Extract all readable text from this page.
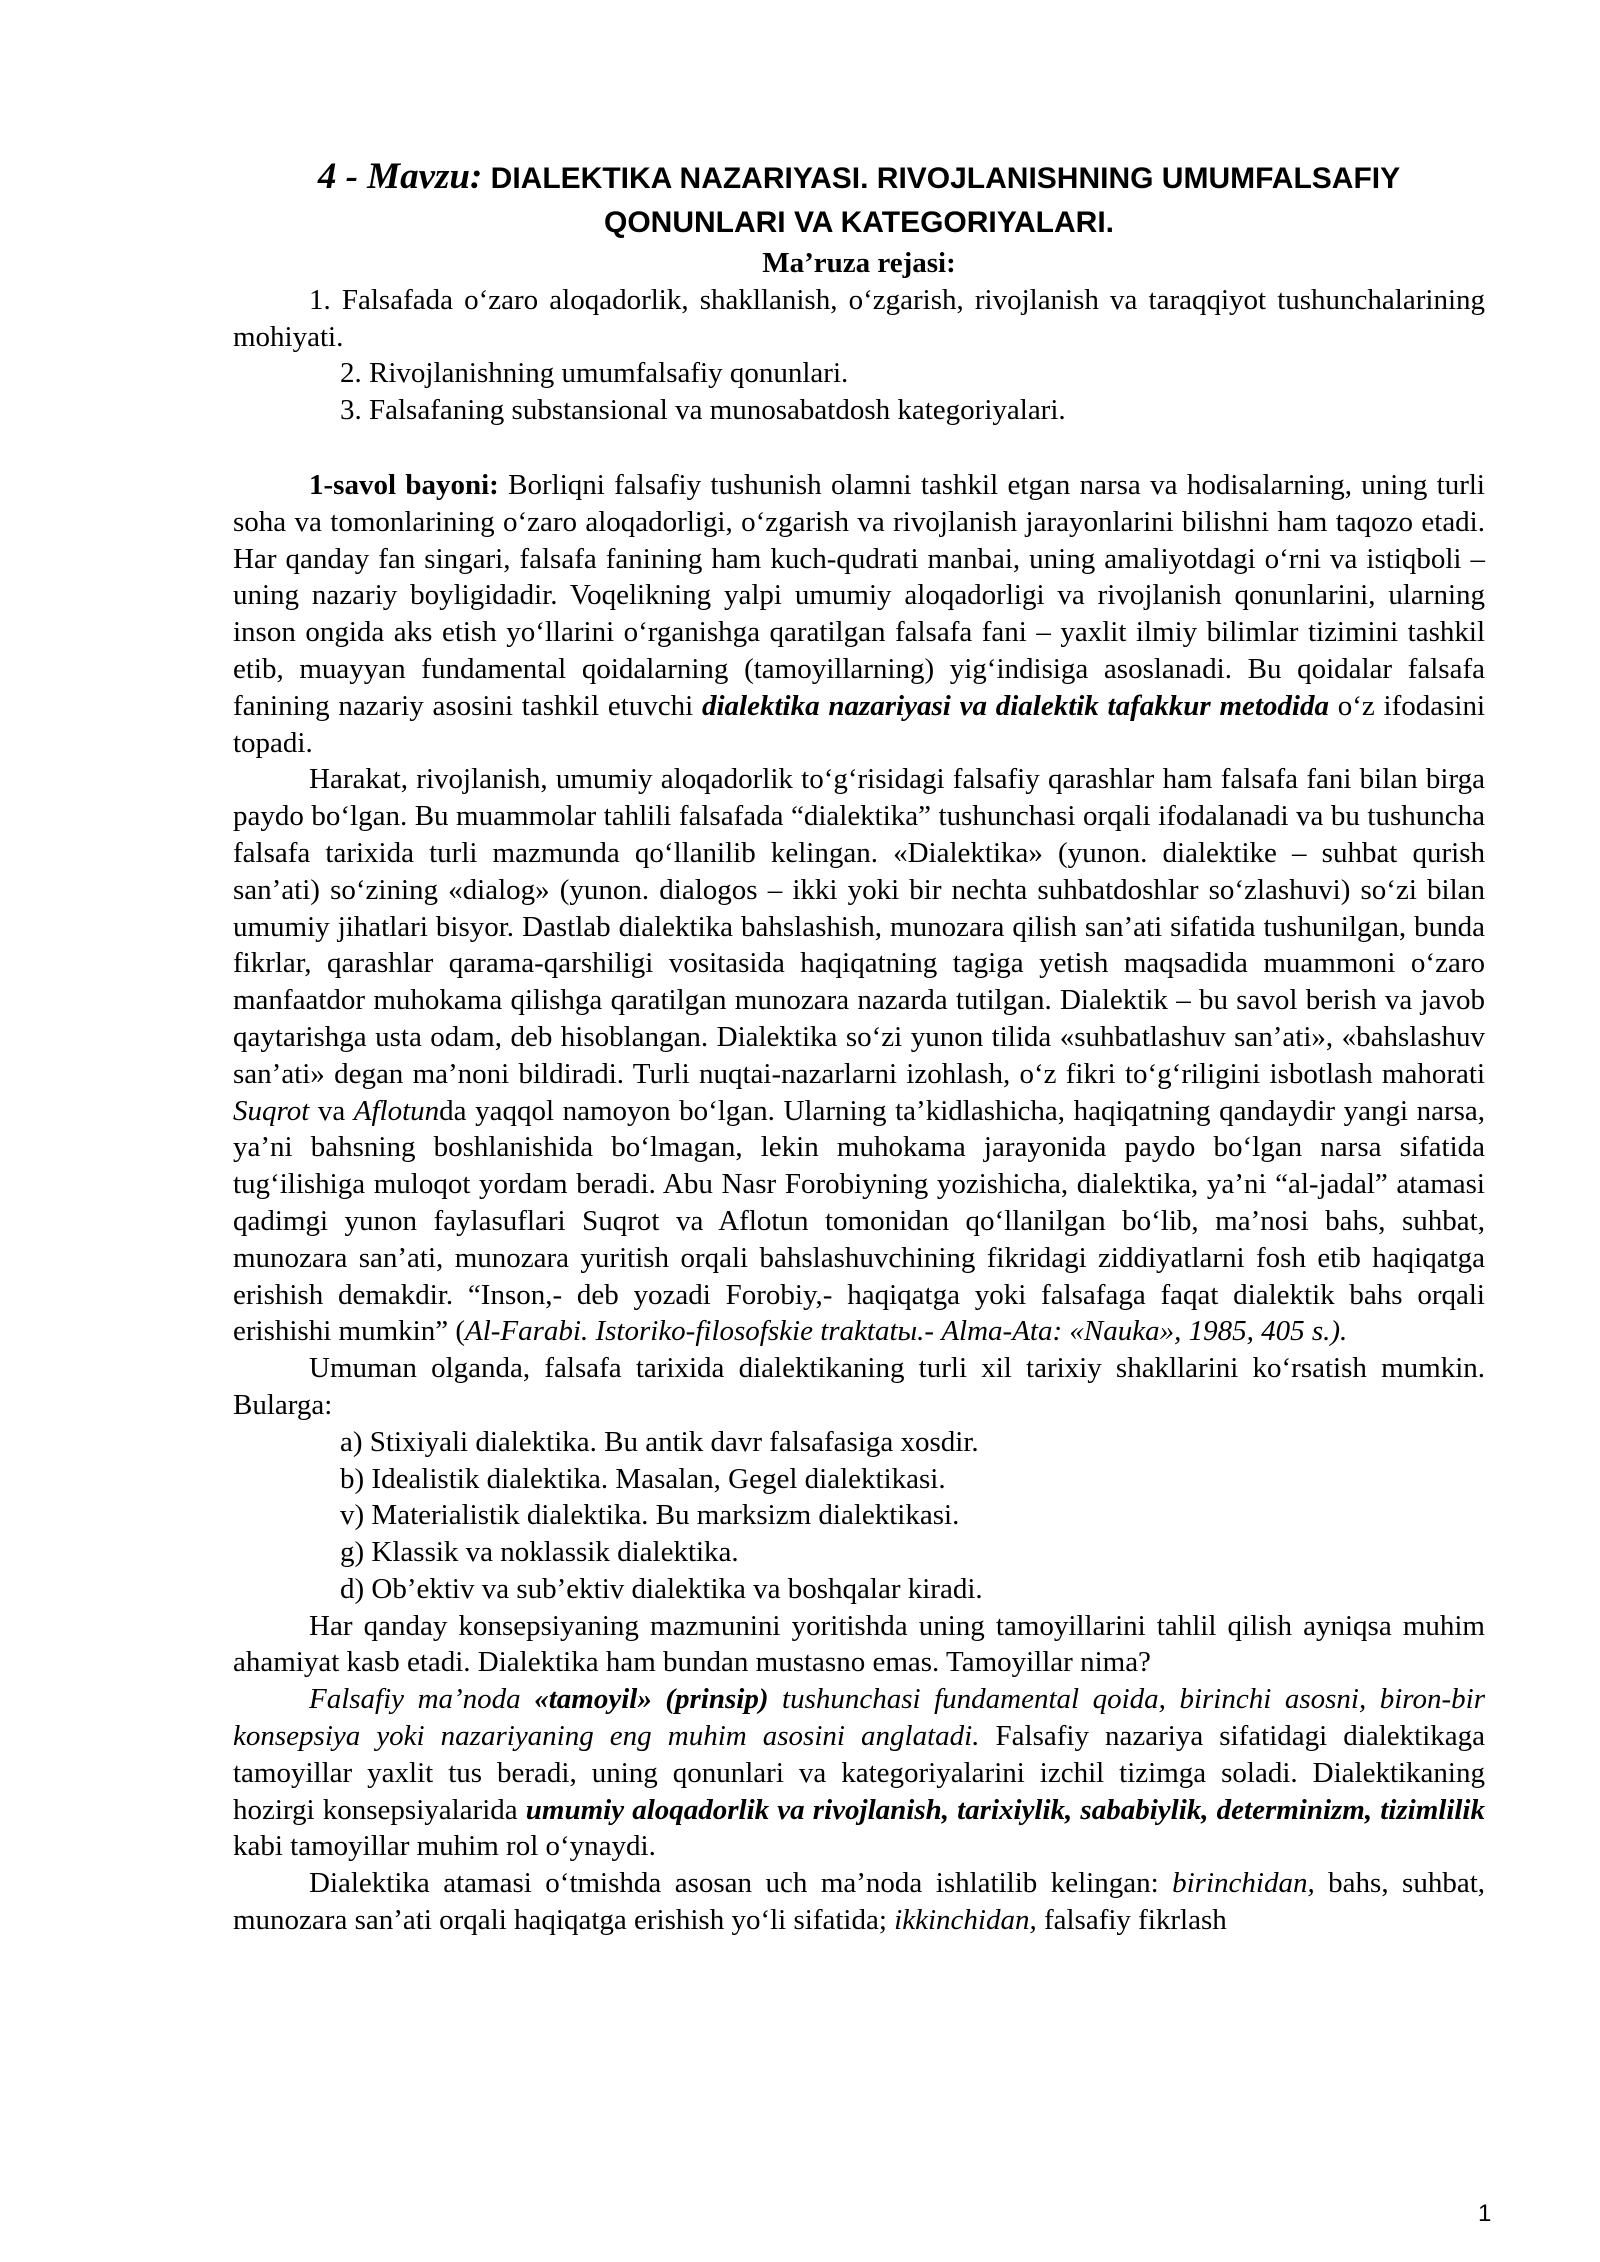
4 - Mavzu: DIALEKTIKA NAZARIYASI. RIVOJLANISHNING UMUMFALSAFIY
QONUNLARI VA KATEGORIYALARI.
Ma’ruza rejasi:

1. Falsafada o‘zaro aloqadorlik, shakllanish, o‘zgarish, rivojlanish va taraqqiyot tushunchalarining mohiyati.

2. Rivojlanishning umumfalsafiy qonunlari.

3. Falsafaning substansional va munosabatdosh kategoriyalari.

1-savol bayoni: Borliqni falsafiy tushunish olamni tashkil etgan narsa va hodisalarning, uning turli soha va tomonlarining o‘zaro aloqadorligi, o‘zgarish va rivojlanish jarayonlarini bilishni ham taqozo etadi. Har qanday fan singari, falsafa fanining ham kuch-qudrati manbai, uning amaliyotdagi o‘rni va istiqboli – uning nazariy boyligidadir. Voqelikning yalpi umumiy aloqadorligi va rivojlanish qonunlarini, ularning inson ongida aks etish yo‘llarini o‘rganishga qaratilgan falsafa fani – yaxlit ilmiy bilimlar tizimini tashkil etib, muayyan fundamental qoidalarning (tamoyillarning) yig‘indisiga asoslanadi. Bu qoidalar falsafa fanining nazariy asosini tashkil etuvchi dialektika nazariyasi va dialektik tafakkur metodida o‘z ifodasini topadi.

Harakat, rivojlanish, umumiy aloqadorlik to‘g‘risidagi falsafiy qarashlar ham falsafa fani bilan birga paydo bo‘lgan. Bu muammolar tahlili falsafada “dialektika” tushunchasi orqali ifodalanadi va bu tushuncha falsafa tarixida turli mazmunda qo‘llanilib kelingan. «Dialektika» (yunon. dialektike – suhbat qurish san’ati) so‘zining «dialog» (yunon. dialogos – ikki yoki bir nechta suhbatdoshlar so‘zlashuvi) so‘zi bilan umumiy jihatlari bisyor. Dastlab dialektika bahslashish, munozara qilish san’ati sifatida tushunilgan, bunda fikrlar, qarashlar qarama-qarshiligi vositasida haqiqatning tagiga yetish maqsadida muammoni o‘zaro manfaatdor muhokama qilishga qaratilgan munozara nazarda tutilgan. Dialektik – bu savol berish va javob qaytarishga usta odam, deb hisoblangan. Dialektika so‘zi yunon tilida «suhbatlashuv san’ati», «bahslashuv san’ati» degan ma’noni bildiradi. Turli nuqtai-nazarlarni izohlash, o‘z fikri to‘g‘riligini isbotlash mahorati Suqrot va Aflotunda yaqqol namoyon bo‘lgan. Ularning ta’kidlashicha, haqiqatning qandaydir yangi narsa, ya’ni bahsning boshlanishida bo‘lmagan, lekin muhokama jarayonida paydo bo‘lgan narsa sifatida tug‘ilishiga muloqot yordam beradi. Abu Nasr Forobiyning yozishicha, dialektika, ya’ni “al-jadal” atamasi qadimgi yunon faylasuflari Suqrot va Aflotun tomonidan qo‘llanilgan bo‘lib, ma’nosi bahs, suhbat, munozara san’ati, munozara yuritish orqali bahslashuvchining fikridagi ziddiyatlarni fosh etib haqiqatga erishish demakdir. “Inson,- deb yozadi Forobiy,- haqiqatga yoki falsafaga faqat dialektik bahs orqali erishishi mumkin” (Al-Farabi. Istoriko-filosofskie traktatы.- Alma-Ata: «Nauka», 1985, 405 s.).

Umuman olganda, falsafa tarixida dialektikaning turli xil tarixiy shakllarini ko‘rsatish mumkin. Bularga:

a) Stixiyali dialektika. Bu antik davr falsafasiga xosdir.

b) Idealistik dialektika. Masalan, Gegel dialektikasi.

v) Materialistik dialektika. Bu marksizm dialektikasi.

g) Klassik va noklassik dialektika.

d) Ob’ektiv va sub’ektiv dialektika va boshqalar kiradi.

Har qanday konsepsiyaning mazmunini yoritishda uning tamoyillarini tahlil qilish ayniqsa muhim ahamiyat kasb etadi. Dialektika ham bundan mustasno emas. Tamoyillar nima?

Falsafiy ma’noda «tamoyil» (prinsip) tushunchasi fundamental qoida, birinchi asosni, biron-bir konsepsiya yoki nazariyaning eng muhim asosini anglatadi. Falsafiy nazariya sifatidagi dialektikaga tamoyillar yaxlit tus beradi, uning qonunlari va kategoriyalarini izchil tizimga soladi. Dialektikaning hozirgi konsepsiyalarida umumiy aloqadorlik va rivojlanish, tarixiylik, sababiylik, determinizm, tizimlilik kabi tamoyillar muhim rol o‘ynaydi.

Dialektika atamasi o‘tmishda asosan uch ma’noda ishlatilib kelingan: birinchidan, bahs, suhbat, munozara san’ati orqali haqiqatga erishish yo‘li sifatida; ikkinchidan, falsafiy fikrlash

1
